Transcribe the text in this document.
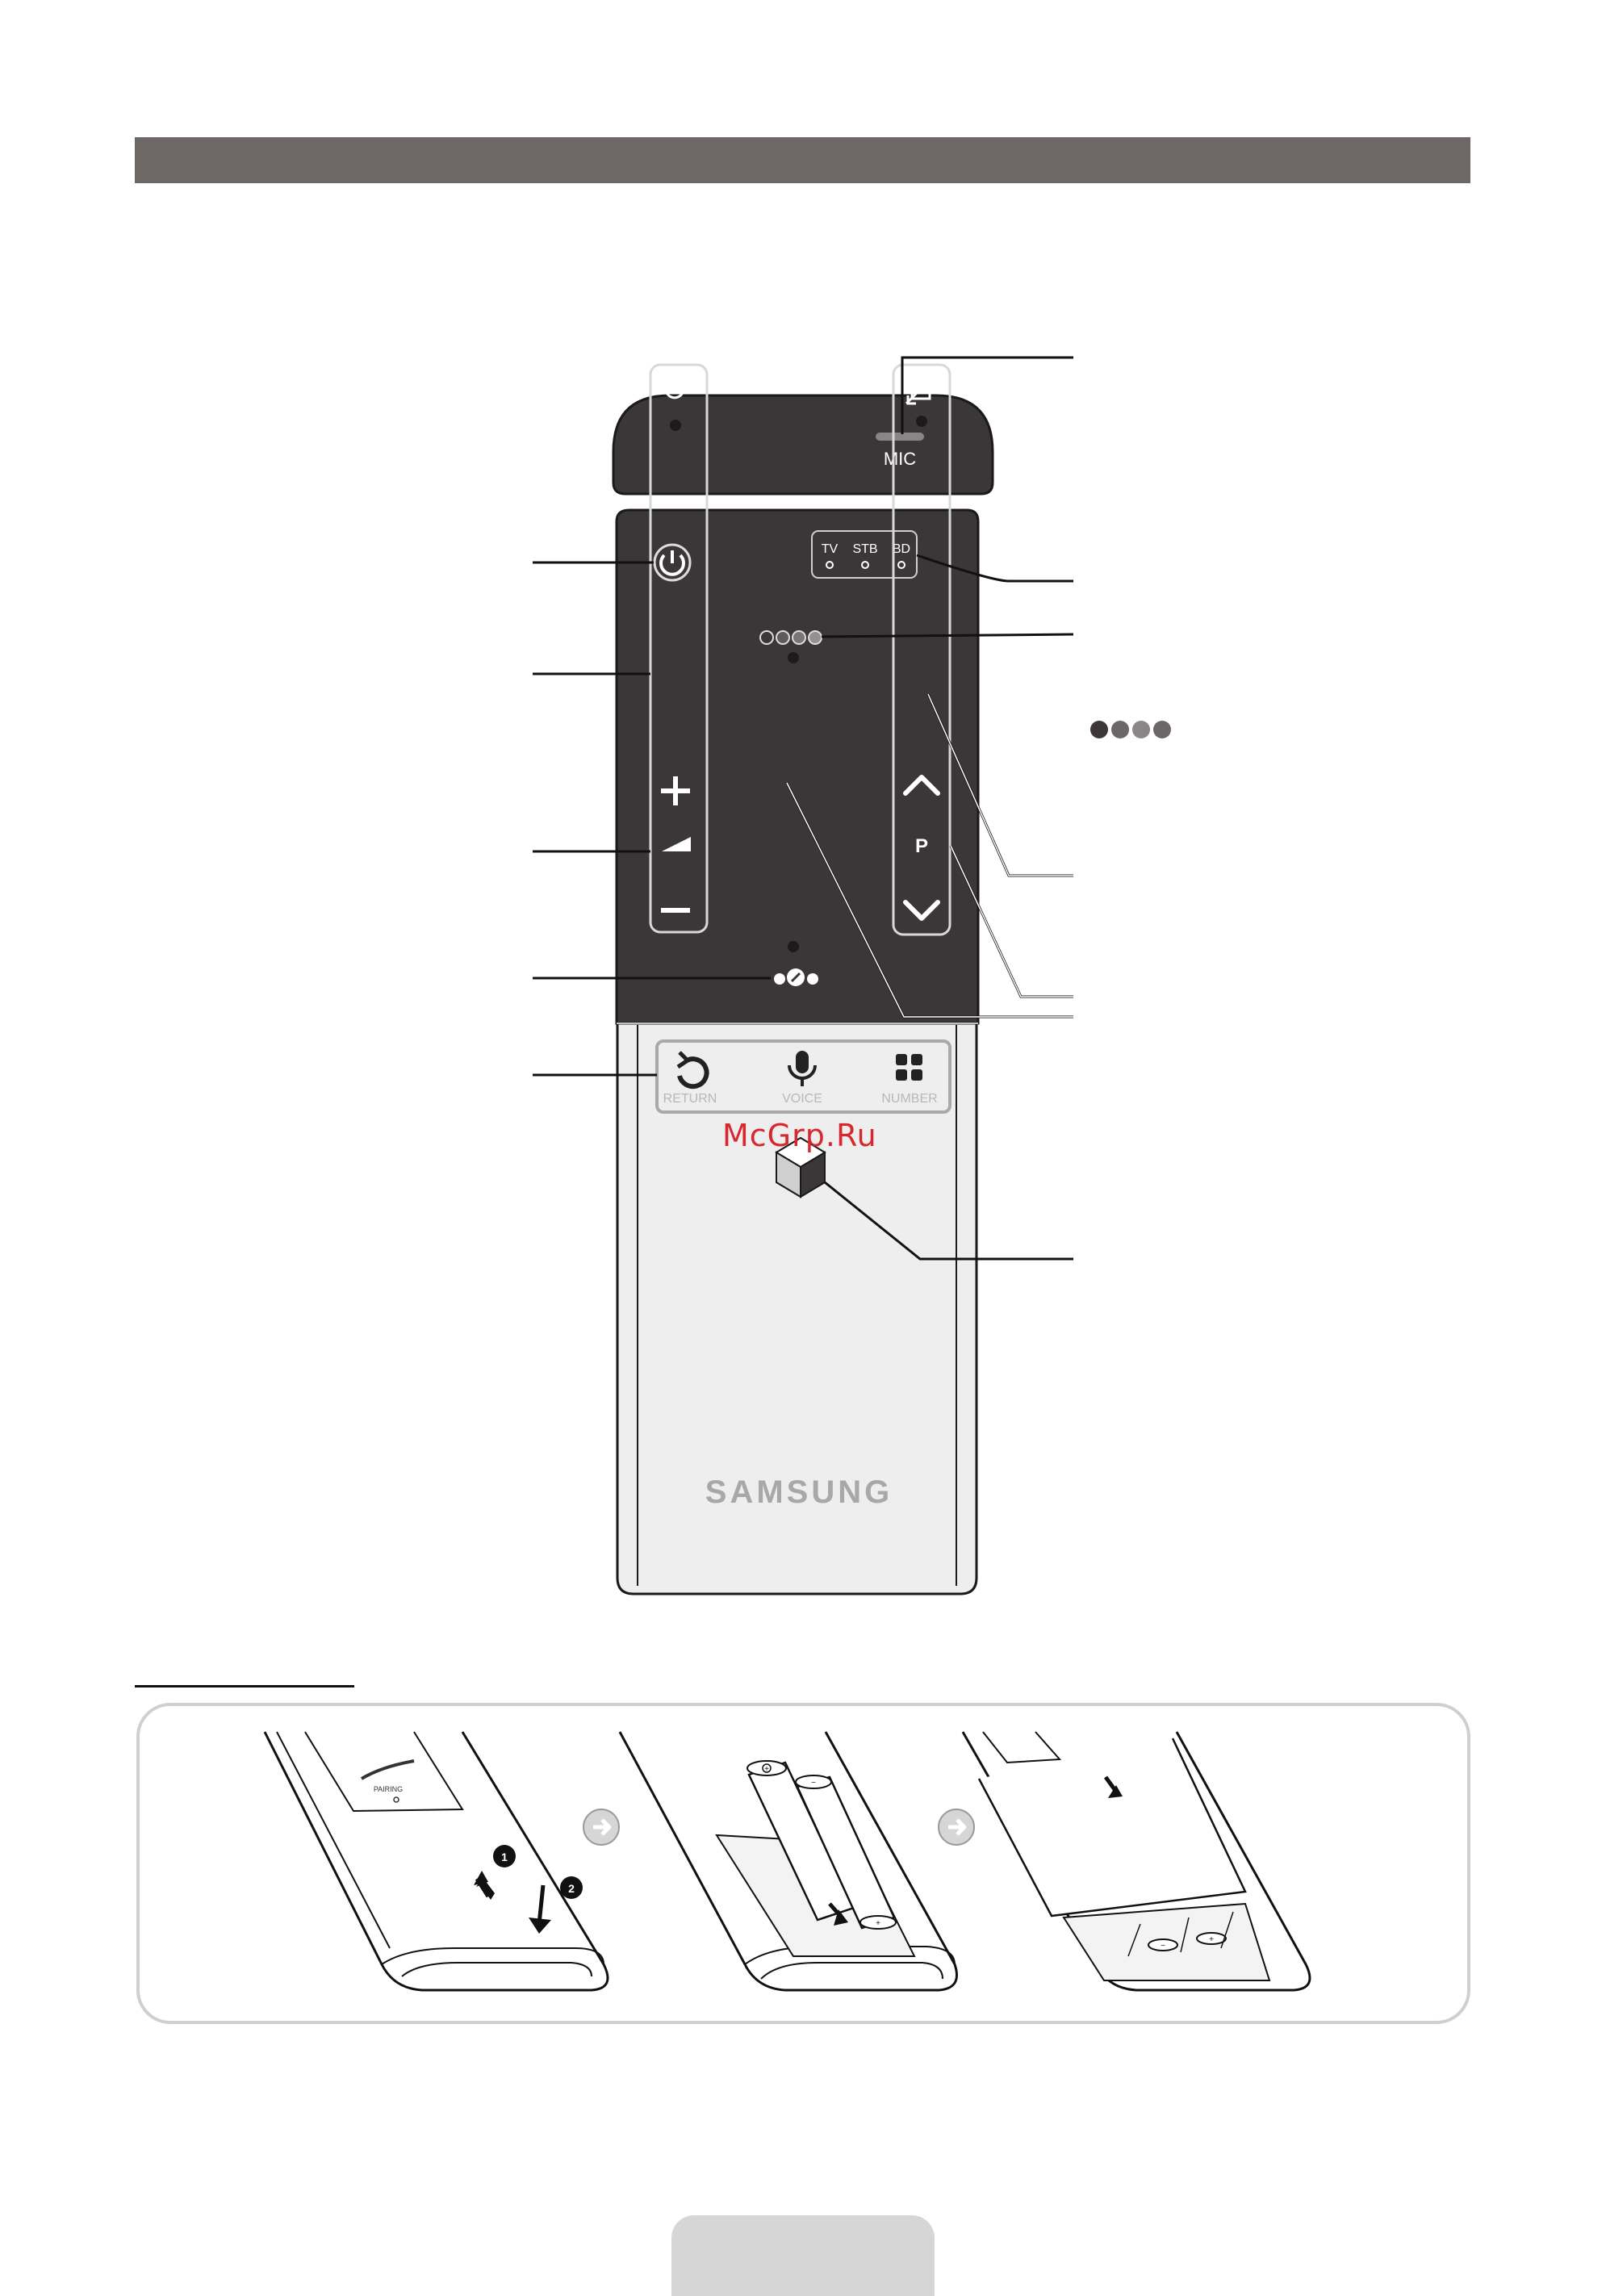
MIC
TV STB BD
P
RETURN	VOICE	NUMBER
SAMSUNG
McGrp.Ru
PAIRING
1
2
+
−
+
−
+
